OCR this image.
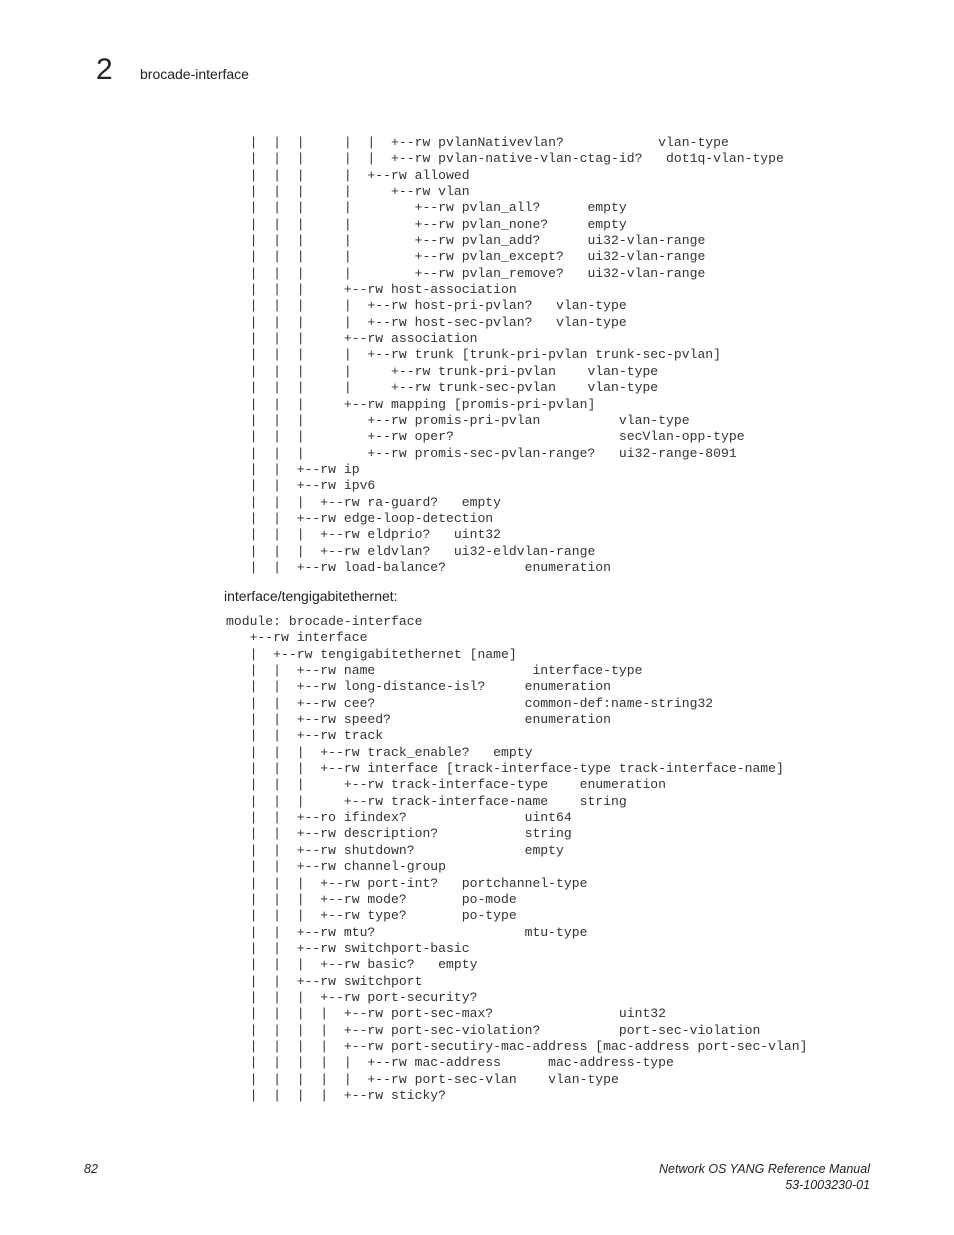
2 brocade-interface
|  |  |     |  |  +--rw pvlanNativevlan?            vlan-type
|  |  |     |  |  +--rw pvlan-native-vlan-ctag-id?   dot1q-vlan-type
|  |  |     |  +--rw allowed
|  |  |     |     +--rw vlan
|  |  |     |        +--rw pvlan_all?      empty
|  |  |     |        +--rw pvlan_none?     empty
|  |  |     |        +--rw pvlan_add?      ui32-vlan-range
|  |  |     |        +--rw pvlan_except?   ui32-vlan-range
|  |  |     |        +--rw pvlan_remove?   ui32-vlan-range
|  |  |     +--rw host-association
|  |  |     |  +--rw host-pri-pvlan?   vlan-type
|  |  |     |  +--rw host-sec-pvlan?   vlan-type
|  |  |     +--rw association
|  |  |     |  +--rw trunk [trunk-pri-pvlan trunk-sec-pvlan]
|  |  |     |     +--rw trunk-pri-pvlan    vlan-type
|  |  |     |     +--rw trunk-sec-pvlan    vlan-type
|  |  |     +--rw mapping [promis-pri-pvlan]
|  |  |        +--rw promis-pri-pvlan          vlan-type
|  |  |        +--rw oper?                     secVlan-opp-type
|  |  |        +--rw promis-sec-pvlan-range?   ui32-range-8091
|  |  +--rw ip
|  |  +--rw ipv6
|  |  |  +--rw ra-guard?   empty
|  |  +--rw edge-loop-detection
|  |  |  +--rw eldprio?   uint32
|  |  |  +--rw eldvlan?   ui32-eldvlan-range
|  |  +--rw load-balance?          enumeration
interface/tengigabitethernet:
module: brocade-interface
+--rw interface
|  +--rw tengigabitethernet [name]
|  |  +--rw name                    interface-type
|  |  +--rw long-distance-isl?     enumeration
|  |  +--rw cee?                   common-def:name-string32
|  |  +--rw speed?                 enumeration
|  |  +--rw track
|  |  |  +--rw track_enable?   empty
|  |  |  +--rw interface [track-interface-type track-interface-name]
|  |  |     +--rw track-interface-type    enumeration
|  |  |     +--rw track-interface-name    string
|  |  +--ro ifindex?               uint64
|  |  +--rw description?           string
|  |  +--rw shutdown?              empty
|  |  +--rw channel-group
|  |  |  +--rw port-int?   portchannel-type
|  |  |  +--rw mode?       po-mode
|  |  |  +--rw type?       po-type
|  |  +--rw mtu?                   mtu-type
|  |  +--rw switchport-basic
|  |  |  +--rw basic?   empty
|  |  +--rw switchport
|  |  |  +--rw port-security?
|  |  |  |  +--rw port-sec-max?                uint32
|  |  |  |  +--rw port-sec-violation?          port-sec-violation
|  |  |  |  +--rw port-secutiry-mac-address [mac-address port-sec-vlan]
|  |  |  |  |  +--rw mac-address      mac-address-type
|  |  |  |  |  +--rw port-sec-vlan    vlan-type
|  |  |  |  +--rw sticky?
82	Network OS YANG Reference Manual
53-1003230-01
